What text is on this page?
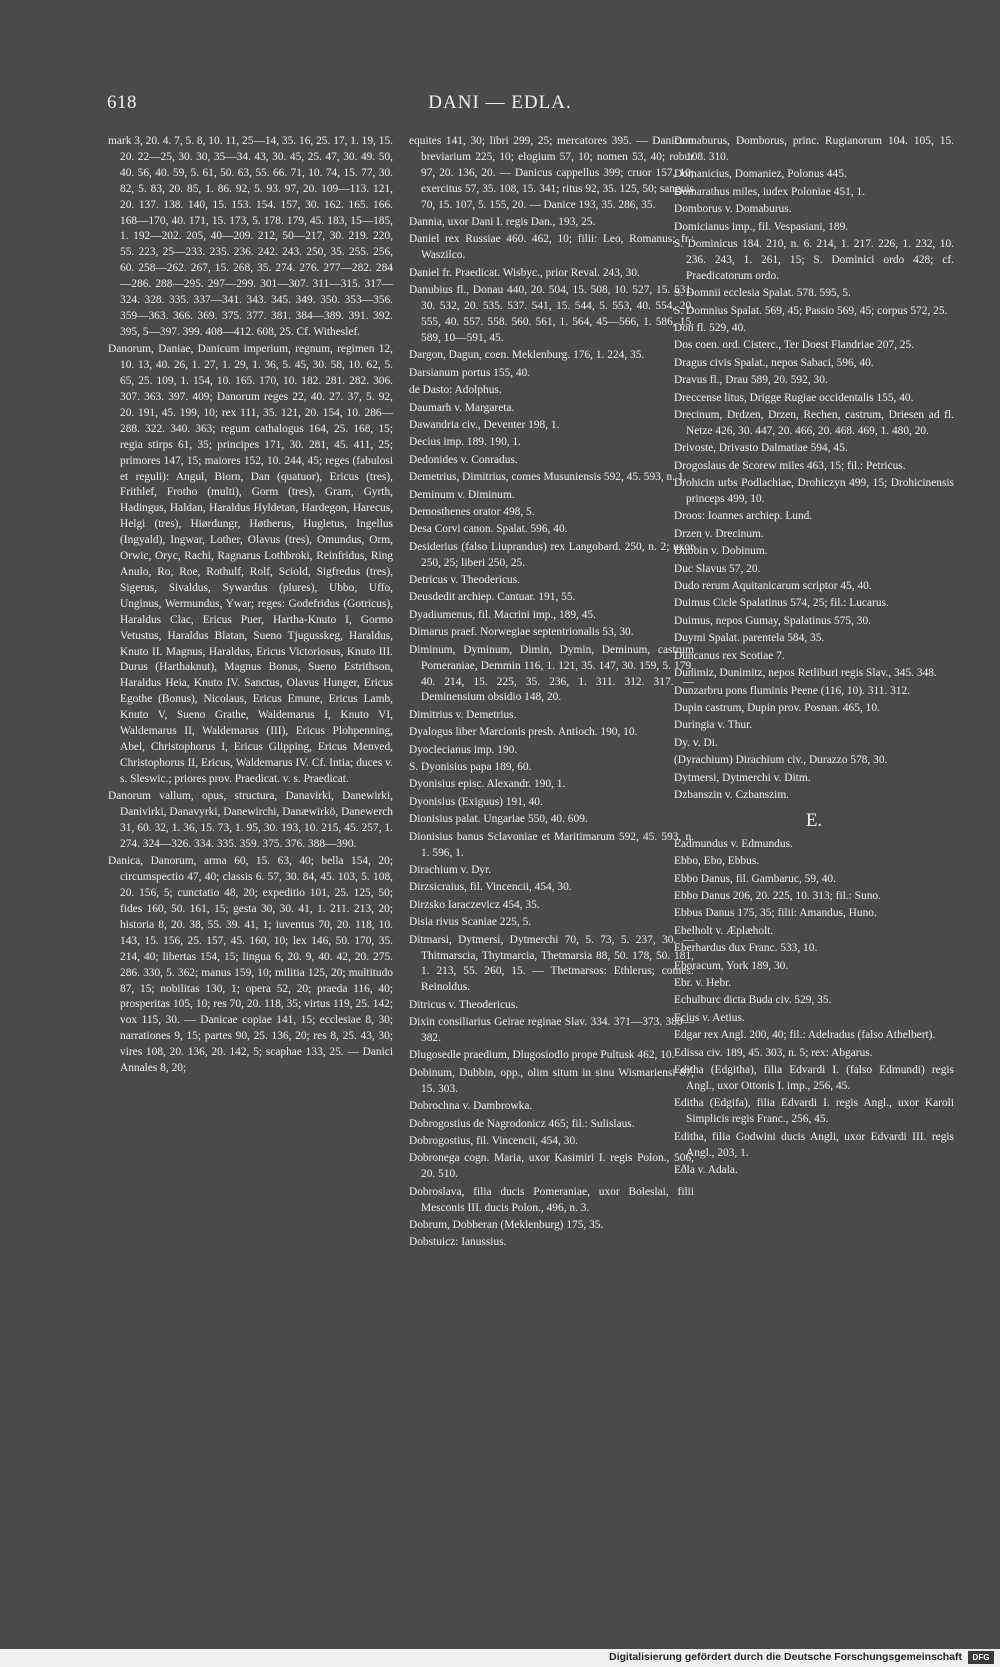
618	DANI — EDLA.
mark 3, 20. 4. 7, 5. 8, 10. 11, 25—14, 35. 16, 25. 17, 1. 19, 15. 20. 22—25, 30. 30, 35—34. 43, 30. 45, 25. 47, 30. 49. 50, 40. 56, 40. 59, 5. 61, 50. 63, 55. 66. 71, 10. 74, 15. 77, 30. 82, 5. 83, 20. 85, 1. 86. 92, 5. 93. 97, 20. 109—113. 121, 20. 137. 138. 140, 15. 153. 154. 157, 30. 162. 165. 166. 168—170, 40. 171, 15. 173, 5. 178. 179, 45. 183, 15—185, 1. 192—202. 205, 40—209. 212, 50—217, 30. 219. 220, 55. 223, 25—233. 235. 236. 242. 243. 250, 35. 255. 256, 60. 258—262. 267, 15. 268, 35. 274. 276. 277—282. 284—286. 288—295. 297—299. 301—307. 311—315. 317—324. 328. 335. 337—341. 343. 345. 349. 350. 353—356. 359—363. 366. 369. 375. 377. 381. 384—389. 391. 392. 395, 5—397. 399. 408—412. 608, 25. Cf. Witheslef.
Danorum, Daniae, Danicum imperium, regnum, regimen 12, 10. 13, 40. 26, 1. 27, 1. 29, 1. 36, 5. 45, 30. 58, 10. 62, 5. 65, 25. 109, 1. 154, 10. 165. 170, 10. 182. 281. 282. 306. 307. 363. 397. 409; Danorum reges 22, 40. 27. 37, 5. 92, 20. 191, 45. 199, 10; rex 111, 35. 121, 20. 154, 10. 286—288. 322. 340. 363; regum cathalogus 164, 25. 168, 15; regia stirps 61, 35; principes 171, 30. 281, 45. 411, 25; primores 147, 15; maiores 152, 10. 244, 45; reges (fabulosi et reguli): Angul, Biorn, Dan (quatuor), Ericus (tres), Frithlef, Frotho (multi), Gorm (tres), Gram, Gyrth, Hadingus, Haldan, Haraldus Hyldetan, Hardegon, Harecus, Helgi (tres), Hiørdungr, Høtherus, Hugletus, Ingellus (Ingyald), Ingwar, Lother, Olavus (tres), Omundus, Orm, Orwic, Oryc, Rachi, Ragnarus Lothbroki, Reinfridus, Ring Anulo, Ro, Roe, Rothulf, Rolf, Sciold, Sigfredus (tres), Sigerus, Sivaldus, Sywardus (plures), Ubbo, Uffo, Unginus, Wermundus, Ywar; reges: Godefridus (Gotricus), Haraldus Clac, Ericus Puer, Hartha-Knuto I, Gormo Vetustus, Haraldus Blatan, Sueno Tjugusskeg, Haraldus, Knuto II. Magnus, Haraldus, Ericus Victoriosus, Knuto III. Durus (Harthaknut), Magnus Bonus, Sueno Estrithson, Haraldus Heia, Knuto IV. Sanctus, Olavus Hunger, Ericus Egothe (Bonus), Nicolaus, Ericus Emune, Ericus Lamb, Knuto V, Sueno Grathe, Waldemarus I, Knuto VI, Waldemarus II, Waldemarus (III), Ericus Plohpenning, Abel, Christophorus I, Ericus Glipping, Ericus Menved, Christophorus II, Ericus, Waldemarus IV. Cf. Intia; duces v. s. Sleswic.; priores prov. Praedicat. v. s. Praedicat.
Danorum vallum, opus, structura, Danavirki, Danewirki, Danivirki, Danavyrki, Danewirchi, Danæwirkö, Danewerch 31, 60. 32, 1. 36, 15. 73, 1. 95, 30. 193, 10. 215, 45. 257, 1. 274. 324—326. 334. 335. 359. 375. 376. 388—390.
Danica, Danorum, arma 60, 15. 63, 40; bella 154, 20; circumspectio 47, 40; classis 6. 57, 30. 84, 45. 103, 5. 108, 20. 156, 5; cunctatio 48, 20; expeditio 101, 25. 125, 50; fides 160, 50. 161, 15; gesta 30, 30. 41, 1. 211. 213, 20; historia 8, 20. 38, 55. 39. 41, 1; iuventus 70, 20. 118, 10. 143, 15. 156, 25. 157, 45. 160, 10; lex 146, 50. 170, 35. 214, 40; libertas 154, 15; lingua 6, 20. 9, 40. 42, 20. 275. 286. 330, 5. 362; manus 159, 10; militia 125, 20; multitudo 87, 15; nobilitas 130, 1; opera 52, 20; praeda 116, 40; prosperitas 105, 10; res 70, 20. 118, 35; virtus 119, 25. 142; vox 115, 30. — Danicae copiae 141, 15; ecclesiae 8, 30; narrationes 9, 15; partes 90, 25. 136, 20; res 8, 25. 43, 30; vires 108, 20. 136, 20. 142, 5; scaphae 133, 25. — Danici Annales 8, 20;
equites 141, 30; libri 299, 25; mercatores 395. — Danicum breviarium 225, 10; elogium 57, 10; nomen 53, 40; robur 97, 20. 136, 20. — Danicus cappellus 399; cruor 157, 10; exercitus 57, 35. 108, 15. 341; ritus 92, 35. 125, 50; sanguis 70, 15. 107, 5. 155, 20. — Danice 193, 35. 286, 35.
Dannia, uxor Dani I. regis Dan., 193, 25.
Daniel rex Russiae 460. 462, 10; filii: Leo, Romanus; fr.: Waszilco.
Daniel fr. Praedicat. Wisbyc., prior Reval. 243, 30.
Danubius fl., Donau 440, 20. 504, 15. 508, 10. 527, 15. 531, 30. 532, 20. 535. 537. 541, 15. 544, 5. 553, 40. 554, 20. 555, 40. 557. 558. 560. 561, 1. 564, 45—566, 1. 586, 15. 589, 10—591, 45.
Dargon, Dagun, coen. Meklenburg. 176, 1. 224, 35.
Darsianum portus 155, 40.
de Dasto: Adolphus.
Daumarh v. Margareta.
Dawandria civ., Deventer 198, 1.
Decius imp. 189. 190, 1.
Dedonides v. Conradus.
Demetrius, Dimitrius, comes Musuniensis 592, 45. 593, n. 1.
Deminum v. Diminum.
Demosthenes orator 498, 5.
Desa Corvi canon. Spalat. 596, 40.
Desiderius (falso Liuprandus) rex Langobard. 250, n. 2; uxor 250, 25; liberi 250, 25.
Detricus v. Theodericus.
Deusdedit archiep. Cantuar. 191, 55.
Dyadiumenus, fil. Macrini imp., 189, 45.
Dimarus praef. Norwegiae septentrionalis 53, 30.
Diminum, Dyminum, Dimin, Dymin, Deminum, castrum Pomeraniae, Demmin 116, 1. 121, 35. 147, 30. 159, 5. 179, 40. 214, 15. 225, 35. 236, 1. 311. 312. 317. — Deminensium obsidio 148, 20.
Dimitrius v. Demetrius.
Dyalogus liber Marcionis presb. Antioch. 190, 10.
Dyoclecianus imp. 190.
S. Dyonisius papa 189, 60.
Dyonisius episc. Alexandr. 190, 1.
Dyonisius (Exiguus) 191, 40.
Dionisius palat. Ungariae 550, 40. 609.
Dionisius banus Sclavoniae et Maritimarum 592, 45. 593, n. 1. 596, 1.
Dirachium v. Dyr.
Dirzsicraius, fil. Vincencii, 454, 30.
Dirzsko Iaraczevicz 454, 35.
Disia rivus Scaniae 225, 5.
Ditmarsi, Dytmersi, Dytmerchi 70, 5. 73, 5. 237, 30. — Thitmarscia, Thytmarcia, Thetmarsia 88, 50. 178, 50. 181, 1. 213, 55. 260, 15. — Thetmarsos: Ethlerus; comes: Reinoldus.
Ditricus v. Theodericus.
Dixin consiliarius Geirae reginae Slav. 334. 371—373. 380—382.
Dlugosedle praedium, Dlugosiodlo prope Pultusk 462, 10.
Dobinum, Dubbin, opp., olim situm in sinu Wismariensi 87, 15. 303.
Dobrochna v. Dambrowka.
Dobrogostius de Nagrodonicz 465; fil.: Sulislaus.
Dobrogostius, fil. Vincencii, 454, 30.
Dobronega cogn. Maria, uxor Kasimiri I. regis Polon., 506, 20. 510.
Dobroslava, filia ducis Pomeraniae, uxor Boleslai, filii Mesconis III. ducis Polon., 496, n. 3.
Dobrum, Dobberan (Meklenburg) 175, 35.
Dobstuicz: Ianussius.
Domaburus, Domborus, princ. Rugianorum 104. 105, 15. 108. 310.
Domanicius, Domaniez, Polonus 445.
Domarathus miles, iudex Poloniae 451, 1.
Domborus v. Domaburus.
Domicianus imp., fil. Vespasiani, 189.
S. Dominicus 184. 210, n. 6. 214, 1. 217. 226, 1. 232, 10. 236. 243, 1. 261, 15; S. Dominici ordo 428; cf. Praedicatorum ordo.
S. Domnii ecclesia Spalat. 578. 595, 5.
S. Domnius Spalat. 569, 45; Passio 569, 45; corpus 572, 25.
Don fl. 529, 40.
Dos coen. ord. Cisterc., Ter Doest Flandriae 207, 25.
Dragus civis Spalat., nepos Sabaci, 596, 40.
Dravus fl., Drau 589, 20. 592, 30.
Dreccense litus, Drigge Rugiae occidentalis 155, 40.
Drecinum, Drdzen, Drzen, Rechen, castrum, Driesen ad fl. Netze 426, 30. 447, 20. 466, 20. 468. 469, 1. 480, 20.
Drivoste, Drivasto Dalmatiae 594, 45.
Drogoslaus de Scorew miles 463, 15; fil.: Petricus.
Drohicin urbs Podlachiae, Drohiczyn 499, 15; Drohicinensis princeps 499, 10.
Droos: Ioannes archiep. Lund.
Drzen v. Drecinum.
Dubbin v. Dobinum.
Duc Slavus 57, 20.
Dudo rerum Aquitanicarum scriptor 45, 40.
Duimus Cicle Spalatinus 574, 25; fil.: Lucarus.
Duimus, nepos Gumay, Spalatinus 575, 30.
Duymi Spalat. parentela 584, 35.
Duncanus rex Scotiae 7.
Dunimiz, Dunimitz, nepos Retliburi regis Slav., 345. 348.
Dunzarbru pons fluminis Peene (116, 10). 311. 312.
Dupin castrum, Dupin prov. Posnan. 465, 10.
Duringia v. Thur.
Dy. v. Di.
(Dyrachium) Dirachium civ., Durazzo 578, 30.
Dytmersi, Dytmerchi v. Ditm.
Dzbanszin v. Czbanszim.
E.
Eadmundus v. Edmundus.
Ebbo, Ebo, Ebbus.
Ebbo Danus, fil. Gambaruc, 59, 40.
Ebbo Danus 206, 20. 225, 10. 313; fil.: Suno.
Ebbus Danus 175, 35; filii: Amandus, Huno.
Ebelholt v. Æplæholt.
Eberhardus dux Franc. 533, 10.
Eboracum, York 189, 30.
Ebr. v. Hebr.
Echulburc dicta Buda civ. 529, 35.
Ecius v. Aetius.
Edgar rex Angl. 200, 40; fil.: Adelradus (falso Athelbert).
Edissa civ. 189, 45. 303, n. 5; rex: Abgarus.
Editha (Edgitha), filia Edvardi I. (falso Edmundi) regis Angl., uxor Ottonis I. imp., 256, 45.
Editha (Edgifa), filia Edvardi I. regis Angl., uxor Karoli Simplicis regis Franc., 256, 45.
Editha, filia Godwini ducis Angli, uxor Edvardi III. regis Angl., 203, 1.
Eðla v. Adala.
Digitalisierung gefördert durch die Deutsche Forschungsgemeinschaft	DFG
